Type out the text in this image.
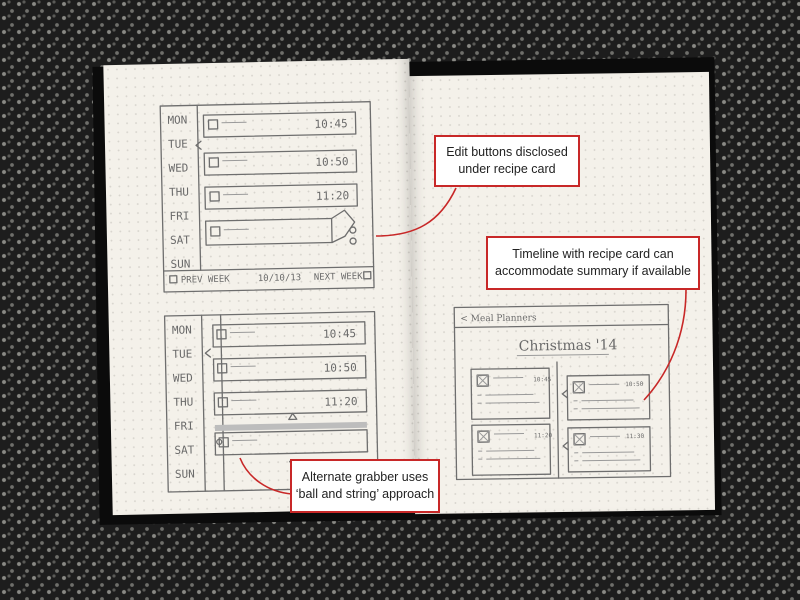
MON
TUE
WED
THU
FRI
SAT
SUN
10:45
10:50
11:20
PREV WEEK	10/10/13 NEXT WEEK
MON
TUE
WED
THU
FRI
SAT
SUN
10:45
10:50
11:20
< Meal Planners
Christmas '14
10:45
11:20
10:50
11:30
Edit buttons disclosed
under recipe card
Timeline with recipe card can
accommodate summary if available
Alternate grabber uses
‘ball and string’ approach
